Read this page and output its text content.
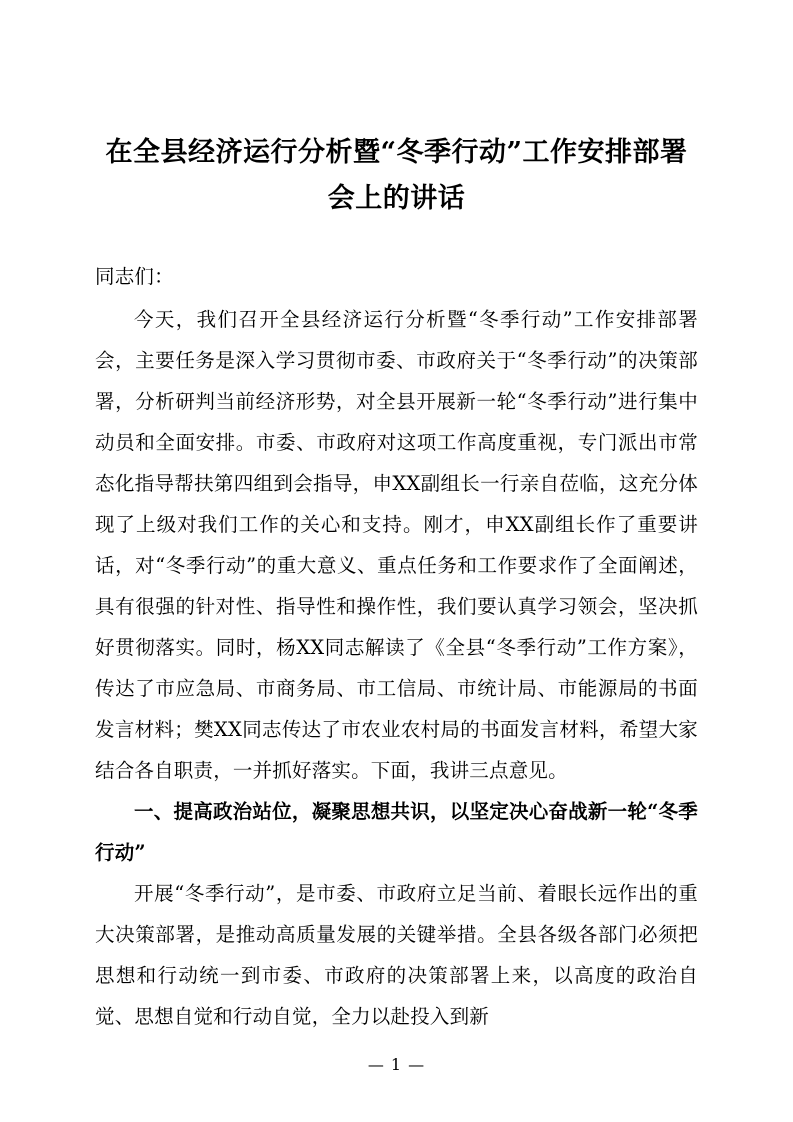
在全县经济运行分析暨“冬季行动”工作安排部署会上的讲话

同志们：

今天，我们召开全县经济运行分析暨“冬季行动”工作安排部署会，主要任务是深入学习贯彻市委、市政府关于“冬季行动”的决策部署，分析研判当前经济形势，对全县开展新一轮“冬季行动”进行集中动员和全面安排。市委、市政府对这项工作高度重视，专门派出市常态化指导帮扶第四组到会指导，申XX副组长一行亲自莅临，这充分体现了上级对我们工作的关心和支持。刚才，申XX副组长作了重要讲话，对“冬季行动”的重大意义、重点任务和工作要求作了全面阐述，具有很强的针对性、指导性和操作性，我们要认真学习领会，坚决抓好贯彻落实。同时，杨XX同志解读了《全县“冬季行动”工作方案》，传达了市应急局、市商务局、市工信局、市统计局、市能源局的书面发言材料；樊XX同志传达了市农业农村局的书面发言材料，希望大家结合各自职责，一并抓好落实。下面，我讲三点意见。

一、提高政治站位，凝聚思想共识，以坚定决心奋战新一轮“冬季行动”

开展“冬季行动”，是市委、市政府立足当前、着眼长远作出的重大决策部署，是推动高质量发展的关键举措。全县各级各部门必须把思想和行动统一到市委、市政府的决策部署上来，以高度的政治自觉、思想自觉和行动自觉，全力以赴投入到新

— 1 —
